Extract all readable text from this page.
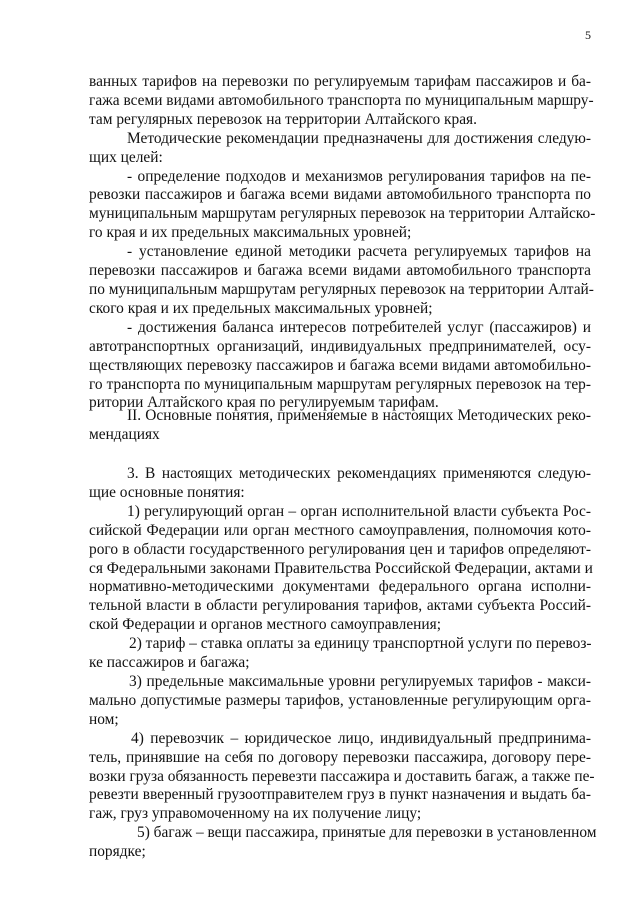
5
ванных тарифов на перевозки по регулируемым тарифам пассажиров и ба-
гажа всеми видами автомобильного транспорта по муниципальным маршру-
там регулярных перевозок на территории Алтайского края.
Методические рекомендации предназначены для достижения следую-
щих целей:
- определение подходов и механизмов регулирования тарифов на пе-
ревозки пассажиров и багажа всеми видами автомобильного транспорта по
муниципальным маршрутам регулярных перевозок на территории Алтайско-
го края и их предельных максимальных уровней;
- установление единой методики расчета регулируемых тарифов на
перевозки пассажиров и багажа всеми видами автомобильного транспорта
по муниципальным маршрутам регулярных перевозок на территории Алтай-
ского края и их предельных максимальных уровней;
- достижения баланса интересов потребителей услуг (пассажиров) и
автотранспортных организаций, индивидуальных предпринимателей, осу-
ществляющих перевозку пассажиров и багажа всеми видами автомобильно-
го транспорта по муниципальным маршрутам регулярных перевозок на тер-
ритории Алтайского края по регулируемым тарифам.
II. Основные понятия, применяемые в настоящих Методических реко-
мендациях
3. В настоящих методических рекомендациях применяются следую-
щие основные понятия:
1) регулирующий орган – орган исполнительной власти субъекта Рос-
сийской Федерации или орган местного самоуправления, полномочия кото-
рого в области государственного регулирования цен и тарифов определяют-
ся Федеральными законами Правительства Российской Федерации, актами и
нормативно-методическими документами федерального органа исполни-
тельной власти в области регулирования тарифов, актами субъекта Россий-
ской Федерации и органов местного самоуправления;
2) тариф – ставка оплаты за единицу транспортной услуги по перевоз-
ке пассажиров и багажа;
3) предельные максимальные уровни регулируемых тарифов - макси-
мально допустимые размеры тарифов, установленные регулирующим орга-
ном;
4) перевозчик – юридическое лицо, индивидуальный предпринима-
тель, принявшие на себя по договору перевозки пассажира, договору пере-
возки груза обязанность перевезти пассажира и доставить багаж, а также пе-
ревезти вверенный грузоотправителем груз в пункт назначения и выдать ба-
гаж, груз управомоченному на их получение лицу;
5) багаж – вещи пассажира, принятые для перевозки в установленном
порядке;
